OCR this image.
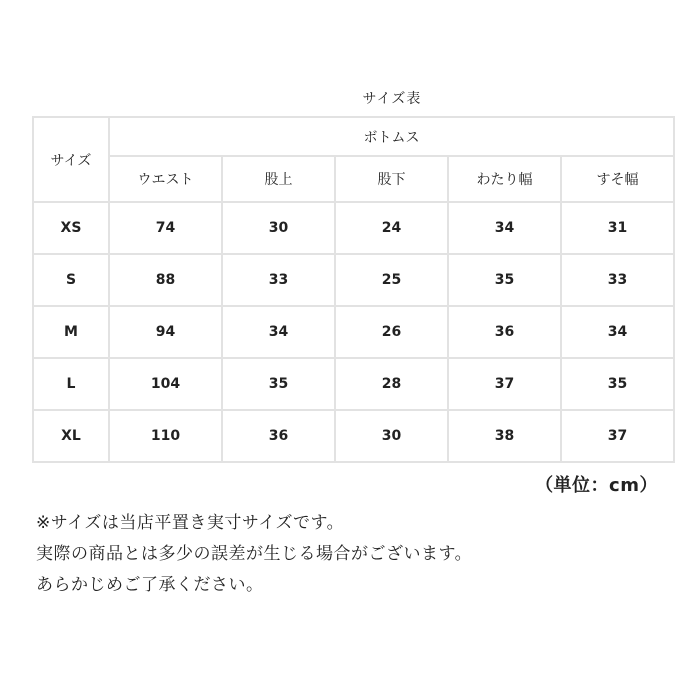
サイズ表
サイズ	ボトムス				
	ウエスト	股上	股下	わたり幅	すそ幅
XS	74	30	24	34	31
S	88	33	25	35	33
M	94	34	26	36	34
L	104	35	28	37	35
XL	110	36	30	38	37
（単位：cm）

※サイズは当店平置き実寸サイズです。

実際の商品とは多少の誤差が生じる場合がございます。

あらかじめご了承ください。
